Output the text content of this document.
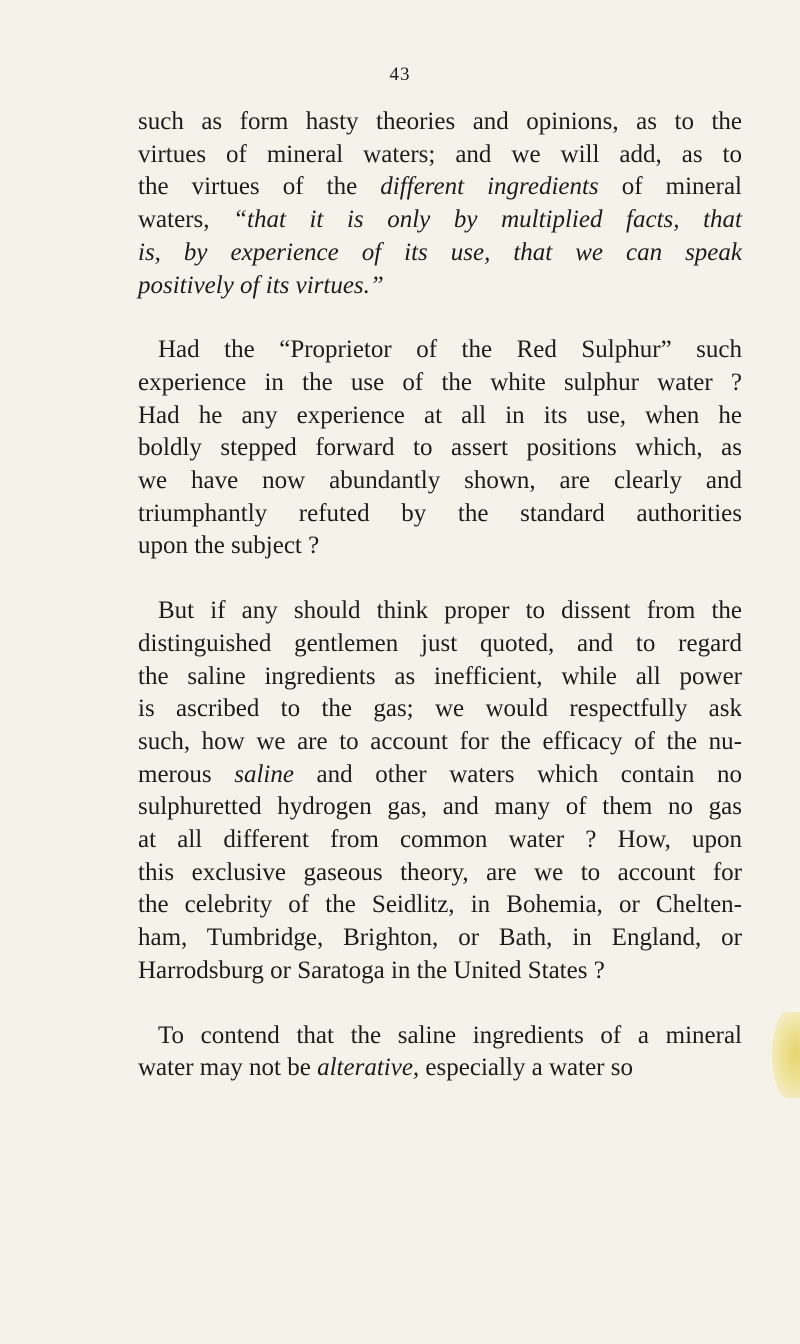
43
such as form hasty theories and opinions, as to the
virtues of mineral waters; and we will add, as to
the virtues of the different ingredients of mineral
waters, “that it is only by multiplied facts, that
is, by experience of its use, that we can speak
positively of its virtues.”
Had the “Proprietor of the Red Sulphur” such
experience in the use of the white sulphur water ?
Had he any experience at all in its use, when he
boldly stepped forward to assert positions which, as
we have now abundantly shown, are clearly and
triumphantly refuted by the standard authorities
upon the subject ?
But if any should think proper to dissent from the
distinguished gentlemen just quoted, and to regard
the saline ingredients as inefficient, while all power
is ascribed to the gas; we would respectfully ask
such, how we are to account for the efficacy of the nu-
merous saline and other waters which contain no
sulphuretted hydrogen gas, and many of them no gas
at all different from common water ? How, upon
this exclusive gaseous theory, are we to account for
the celebrity of the Seidlitz, in Bohemia, or Chelten-
ham, Tumbridge, Brighton, or Bath, in England, or
Harrodsburg or Saratoga in the United States ?
To contend that the saline ingredients of a mineral
water may not be alterative, especially a water so
